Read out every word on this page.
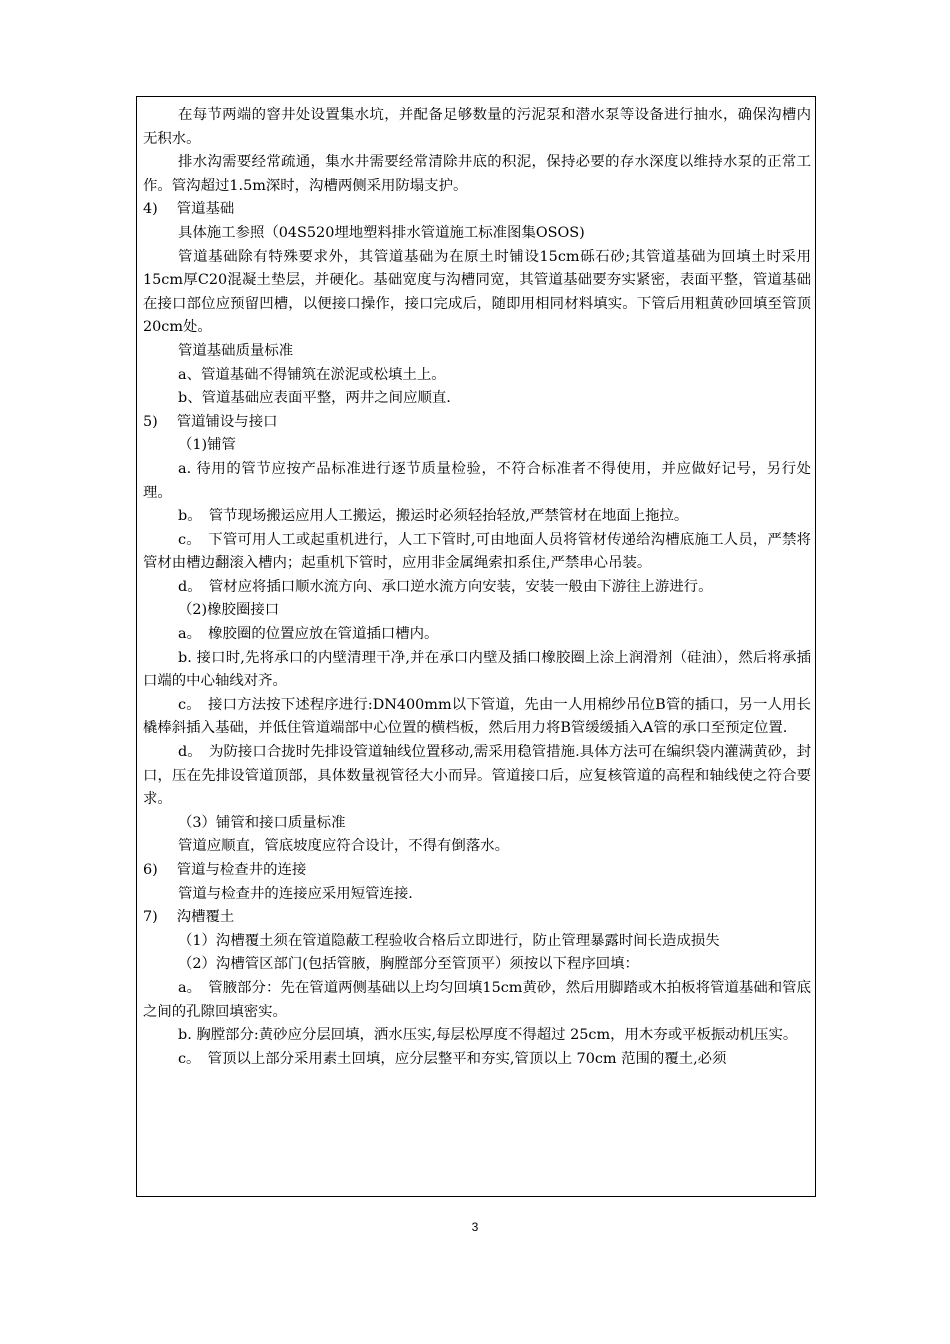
在每节两端的窨井处设置集水坑，并配备足够数量的污泥泵和潜水泵等设备进行抽水，确保沟槽内无积水。

排水沟需要经常疏通，集水井需要经常清除井底的积泥，保持必要的存水深度以维持水泵的正常工作。管沟超过1.5m深时，沟槽两侧采用防塌支护。

4)　 管道基础

具体施工参照（04S520埋地塑料排水管道施工标准图集OSOS)

管道基础除有特殊要求外，其管道基础为在原土时铺设15cm砾石砂;其管道基础为回填土时采用15cm厚C20混凝土垫层，并硬化。基础宽度与沟槽同宽，其管道基础要夯实紧密，表面平整，管道基础在接口部位应预留凹槽，以便接口操作，接口完成后，随即用相同材料填实。下管后用粗黄砂回填至管顶20cm处。

管道基础质量标准

a、管道基础不得铺筑在淤泥或松填土上。

b、管道基础应表面平整，两井之间应顺直.

5)　 管道铺设与接口

（1)铺管

a. 待用的管节应按产品标准进行逐节质量检验，不符合标准者不得使用，并应做好记号，另行处理。

b。　管节现场搬运应用人工搬运，搬运时必须轻抬轻放,严禁管材在地面上拖拉。

c。　下管可用人工或起重机进行，人工下管时,可由地面人员将管材传递给沟槽底施工人员，严禁将管材由槽边翻滚入槽内；起重机下管时，应用非金属绳索扣系住,严禁串心吊装。

d。　管材应将插口顺水流方向、承口逆水流方向安装，安装一般由下游往上游进行。

（2)橡胶圈接口

a。　橡胶圈的位置应放在管道插口槽内。

b. 接口时,先将承口的内壁清理干净,并在承口内壁及插口橡胶圈上涂上润滑剂（硅油），然后将承插口端的中心轴线对齐。

c。　接口方法按下述程序进行:DN400mm以下管道，先由一人用棉纱吊位B管的插口，另一人用长橇棒斜插入基础，并低住管道端部中心位置的横档板，然后用力将B管缓缓插入A管的承口至预定位置.

d。　为防接口合拢时先排设管道轴线位置移动,需采用稳管措施.具体方法可在编织袋内灌满黄砂，封口，压在先排设管道顶部，具体数量视管径大小而异。管道接口后，应复核管道的高程和轴线使之符合要求。

（3）铺管和接口质量标准

管道应顺直，管底坡度应符合设计，不得有倒落水。

6)　 管道与检查井的连接

管道与检查井的连接应采用短管连接.

7)　 沟槽覆土

（1）沟槽覆土须在管道隐蔽工程验收合格后立即进行，防止管理暴露时间长造成损失

（2）沟槽管区部门(包括管腋，胸膛部分至管顶平）须按以下程序回填：

a。　管腋部分：先在管道两侧基础以上均匀回填15cm黄砂，然后用脚踏或木拍板将管道基础和管底之间的孔隙回填密实。

b. 胸膛部分:黄砂应分层回填，洒水压实,每层松厚度不得超过 25cm，用木夯或平板振动机压实。

c。　管顶以上部分采用素土回填，应分层整平和夯实,管顶以上 70cm 范围的覆土,必须

3
